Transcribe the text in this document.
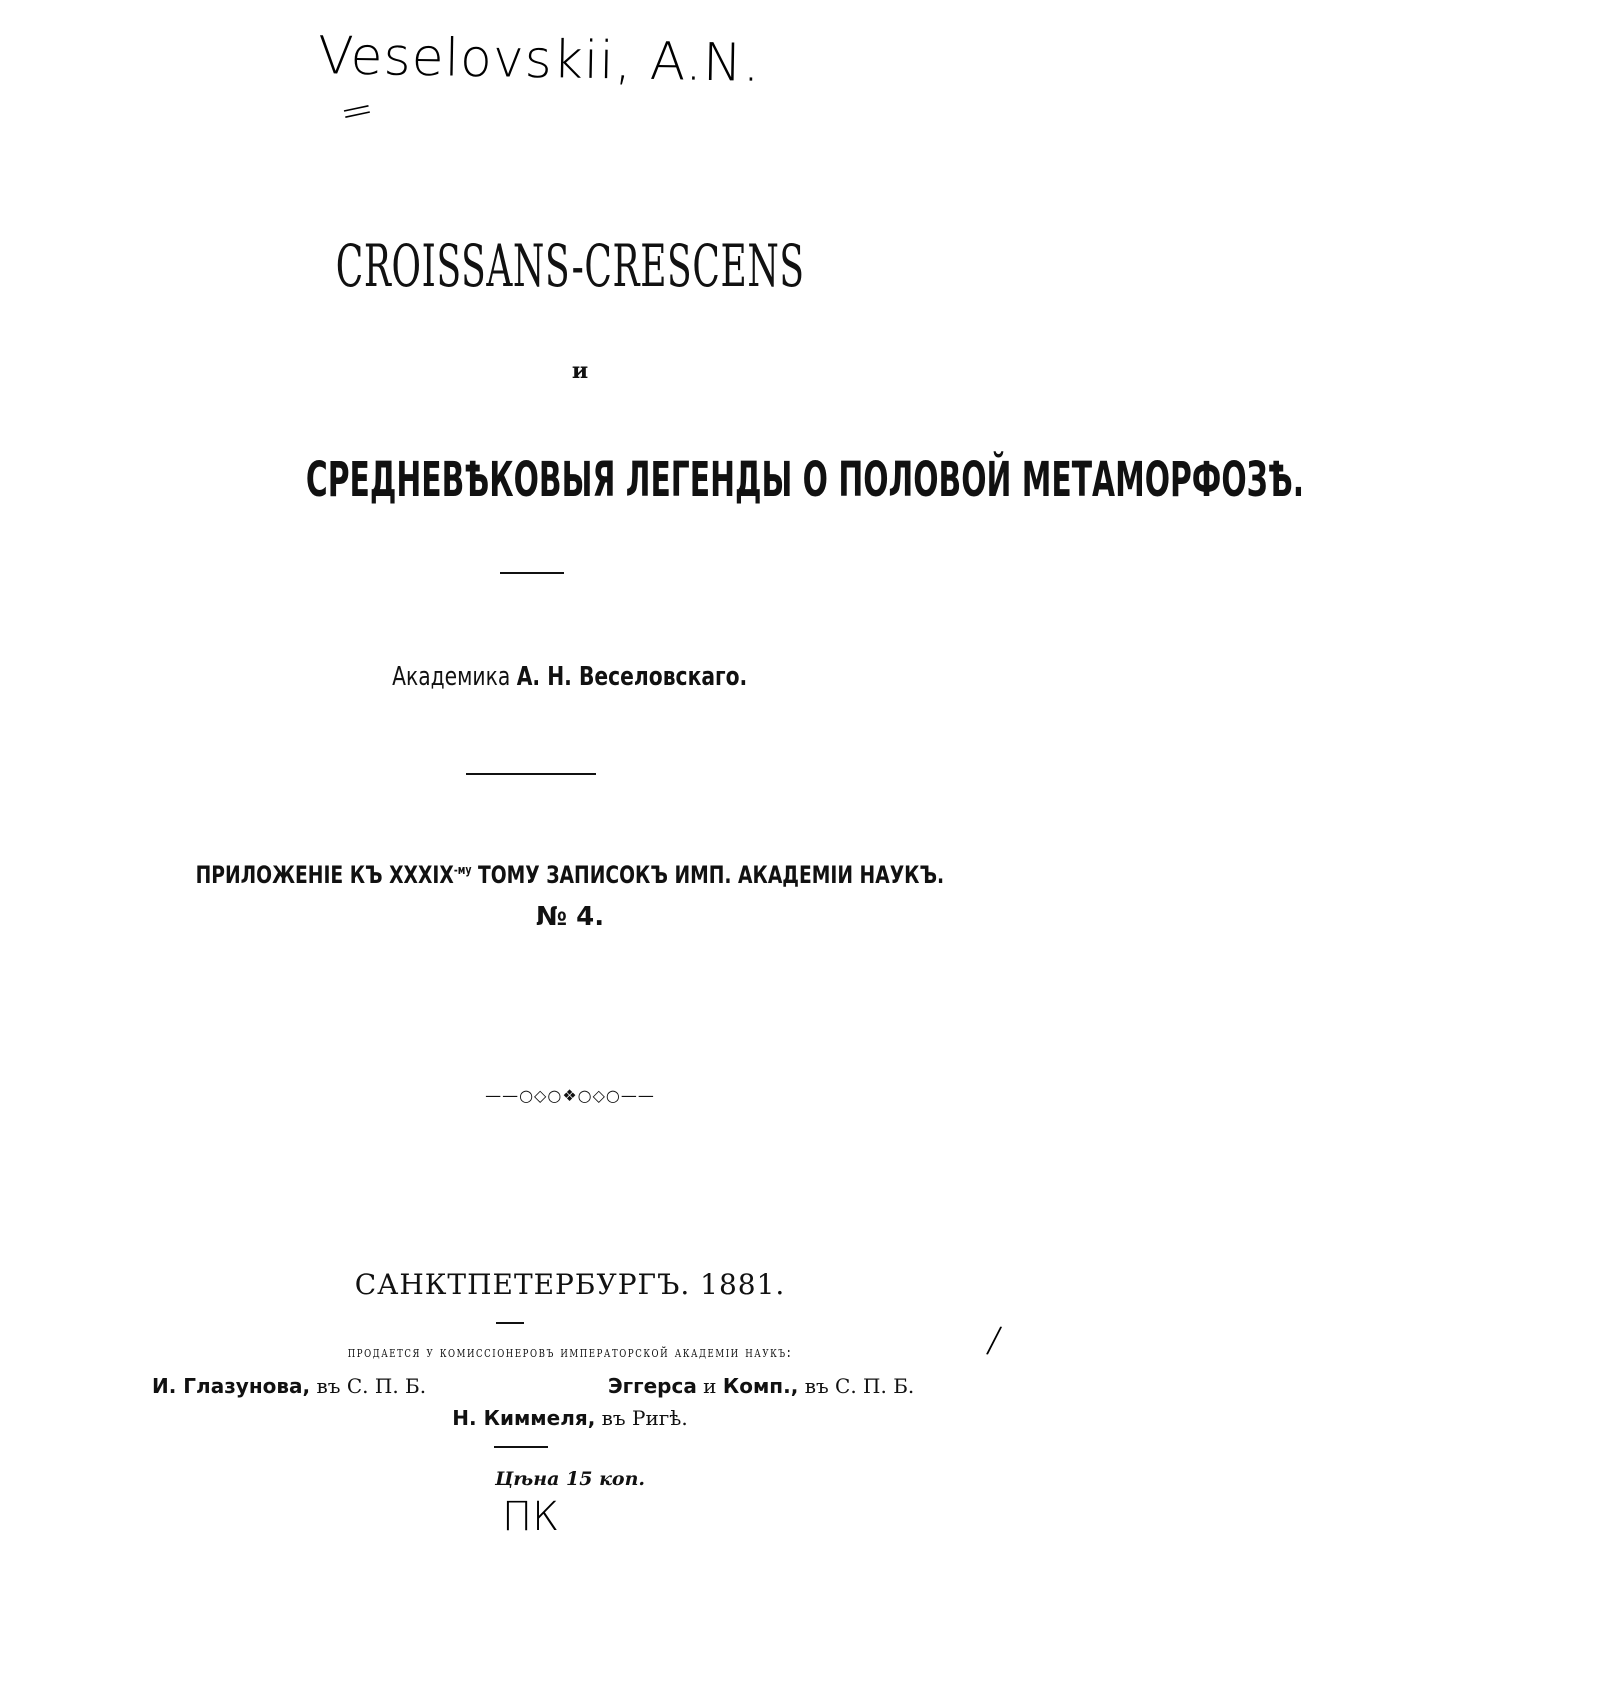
Veselovskii, A.N.
=
/
CROISSANS-CRESCENS
и
СРЕДНЕВѢКОВЫЯ ЛЕГЕНДЫ О ПОЛОВОЙ МЕТАМОРФОЗѢ.
Академика А. Н. Веселовскаго.
ПРИЛОЖЕНІЕ КЪ $XXXIX^{-му}$ ТОМУ ЗАПИСОКЪ ИМП. АКАДЕМІИ НАУКЪ.
№ 4.
——○◇○❖○◇○——
САНКТПЕТЕРБУРГЪ. 1881.
продается у комиссіонеровъ императорской академіи наукъ:
И. Глазунова, въ С. П. Б.	Эггерса и Комп., въ С. П. Б.
Н. Киммеля, въ Ригѣ.
Цѣна 15 коп.
ПК
